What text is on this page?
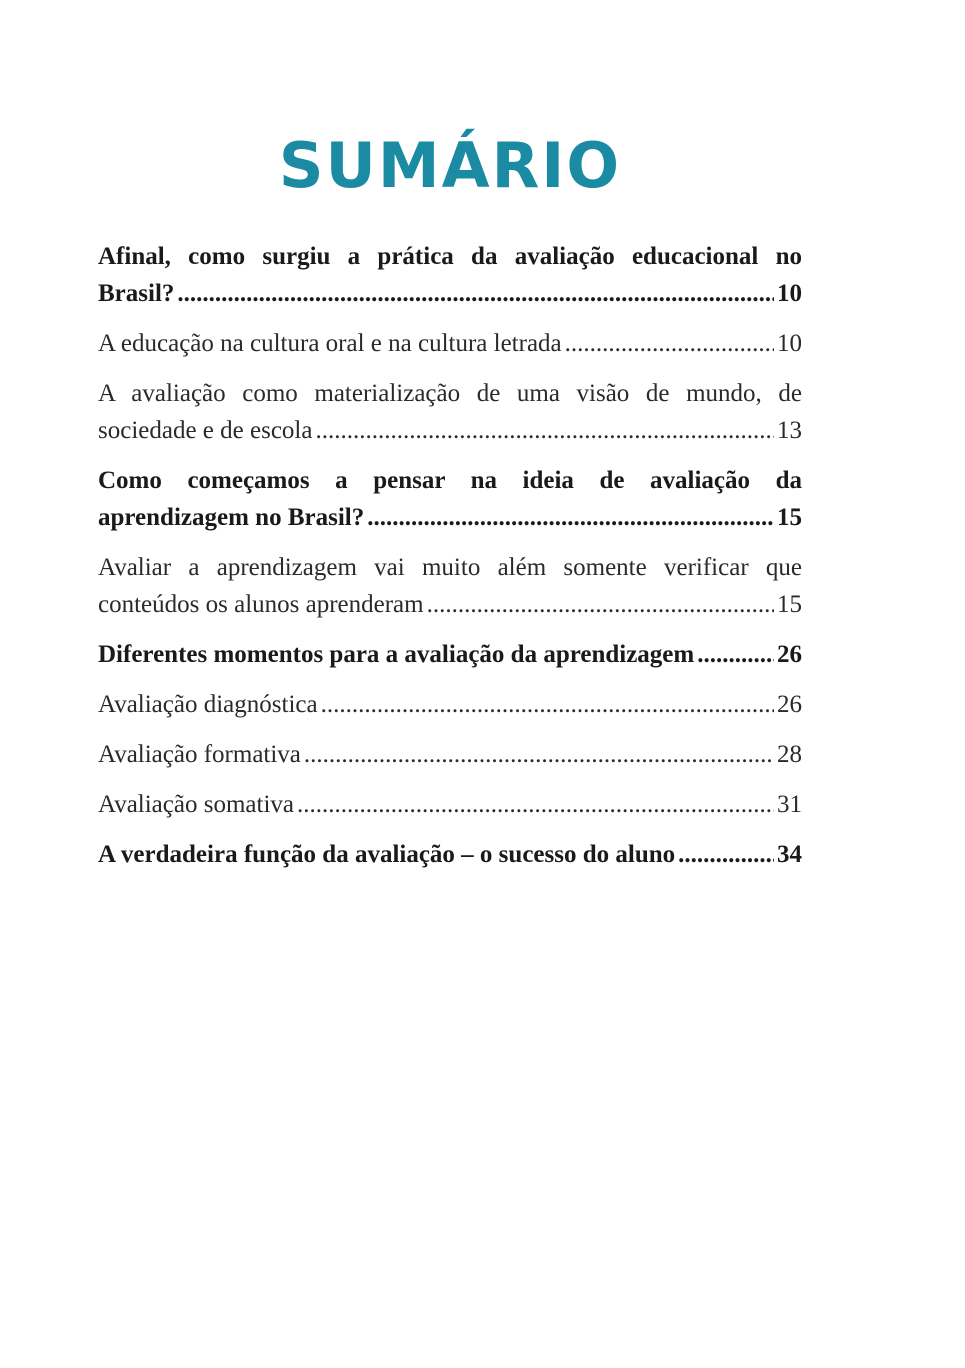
SUMÁRIO
Afinal, como surgiu a prática da avaliação educacional no
Brasil? .....	10
A educação na cultura oral e na cultura letrada .....	10
A avaliação como materialização de uma visão de mundo, de
sociedade e de escola .....	13
Como começamos a pensar na ideia de avaliação da
aprendizagem no Brasil? .....	15
Avaliar a aprendizagem vai muito além somente verificar que
conteúdos os alunos aprenderam .....	15
Diferentes momentos para a avaliação da aprendizagem .....	26
Avaliação diagnóstica .....	26
Avaliação formativa .....	28
Avaliação somativa .....	31
A verdadeira função da avaliação – o sucesso do aluno .....	34
